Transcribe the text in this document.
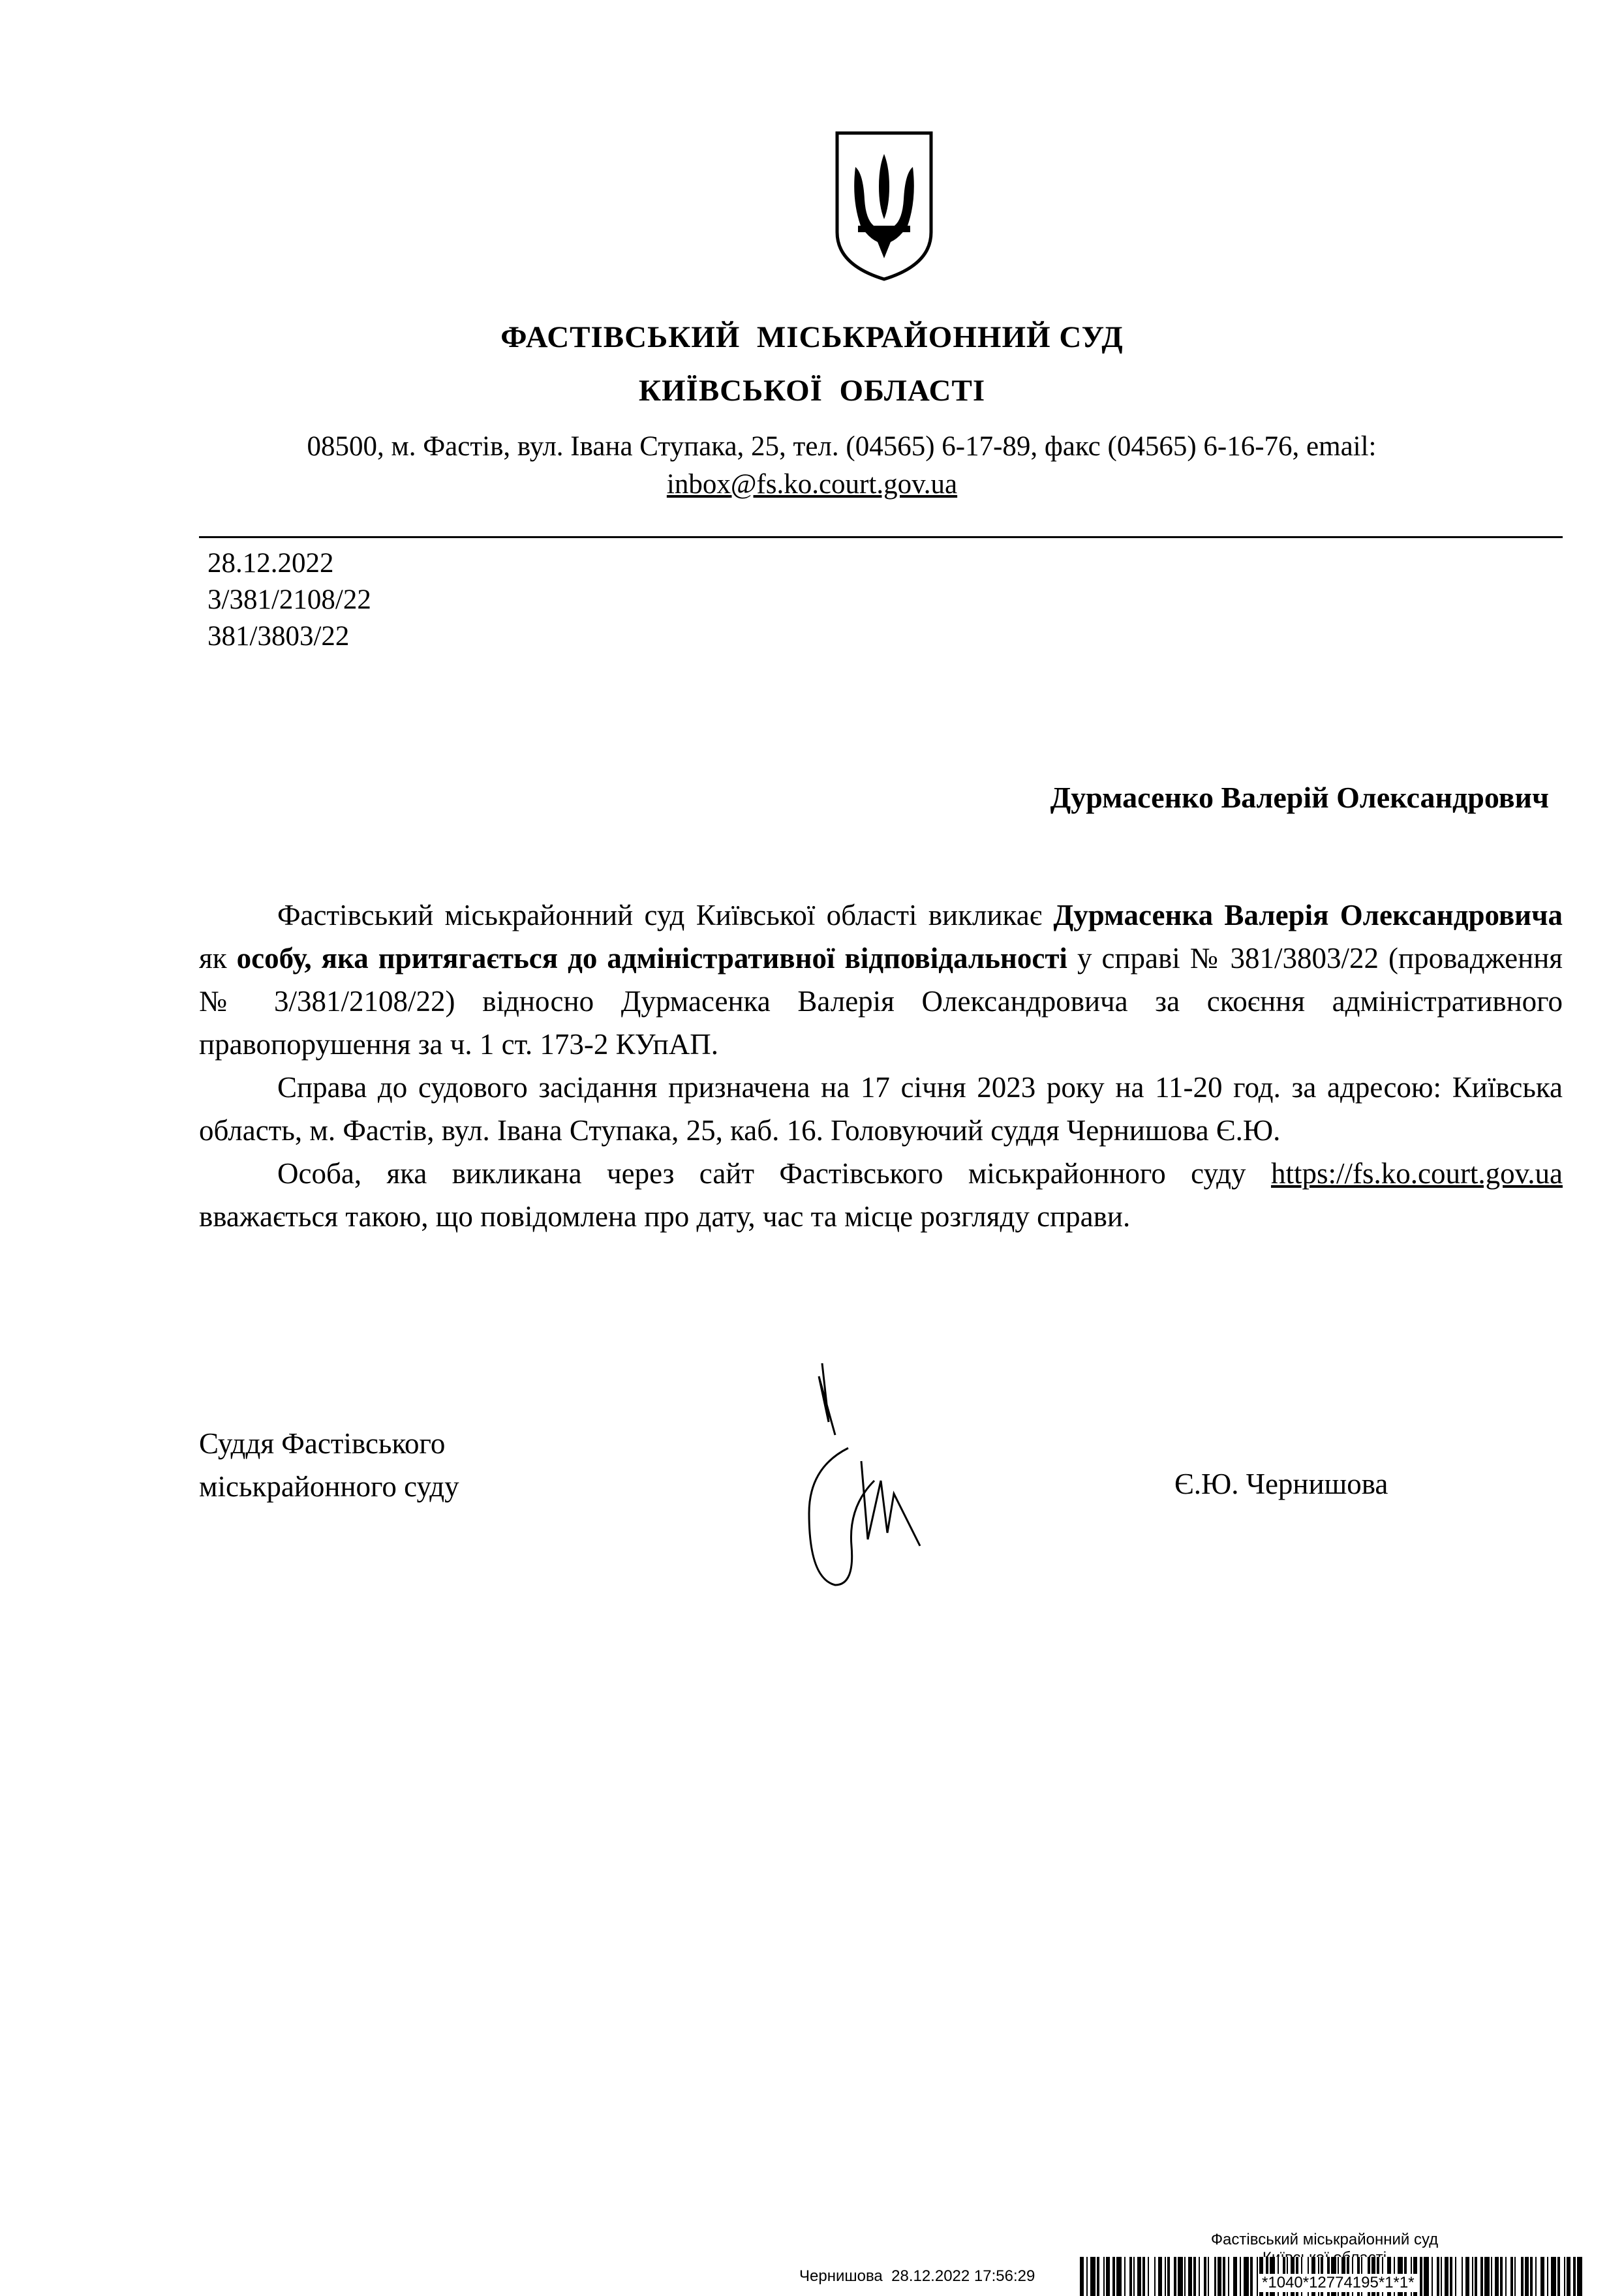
ФАСТІВСЬКИЙ  МІСЬКРАЙОННИЙ СУД
КИЇВСЬКОЇ  ОБЛАСТІ
08500, м. Фастів, вул. Івана Ступака, 25, тел. (04565) 6-17-89, факс (04565) 6-16-76, email:
inbox@fs.ko.court.gov.ua
28.12.2022
3/381/2108/22
381/3803/22
Дурмасенко Валерій Олександрович

Фастівський міськрайонний суд Київської області викликає Дурмасенка Валерія Олександровича як особу, яка притягається до адміністративної відповідальності у справі № 381/3803/22 (провадження № 3/381/2108/22) відносно Дурмасенка Валерія Олександровича за скоєння адміністративного правопорушення за ч. 1 ст. 173-2 КУпАП.

Справа до судового засідання призначена на 17 січня 2023 року на 11-20 год. за адресою: Київська область, м. Фастів, вул. Івана Ступака, 25, каб. 16. Головуючий суддя Чернишова Є.Ю.

Особа, яка викликана через сайт Фастівського міськрайонного суду https://fs.ko.court.gov.ua вважається такою, що повідомлена про дату, час та місце розгляду справи.

Суддя Фастівського
міськрайонного суду	Є.Ю. Чернишова
Фастівський міськрайонний суд
Чернишова  28.12.2022 17:56:29	*1040*12774195*1*1*
